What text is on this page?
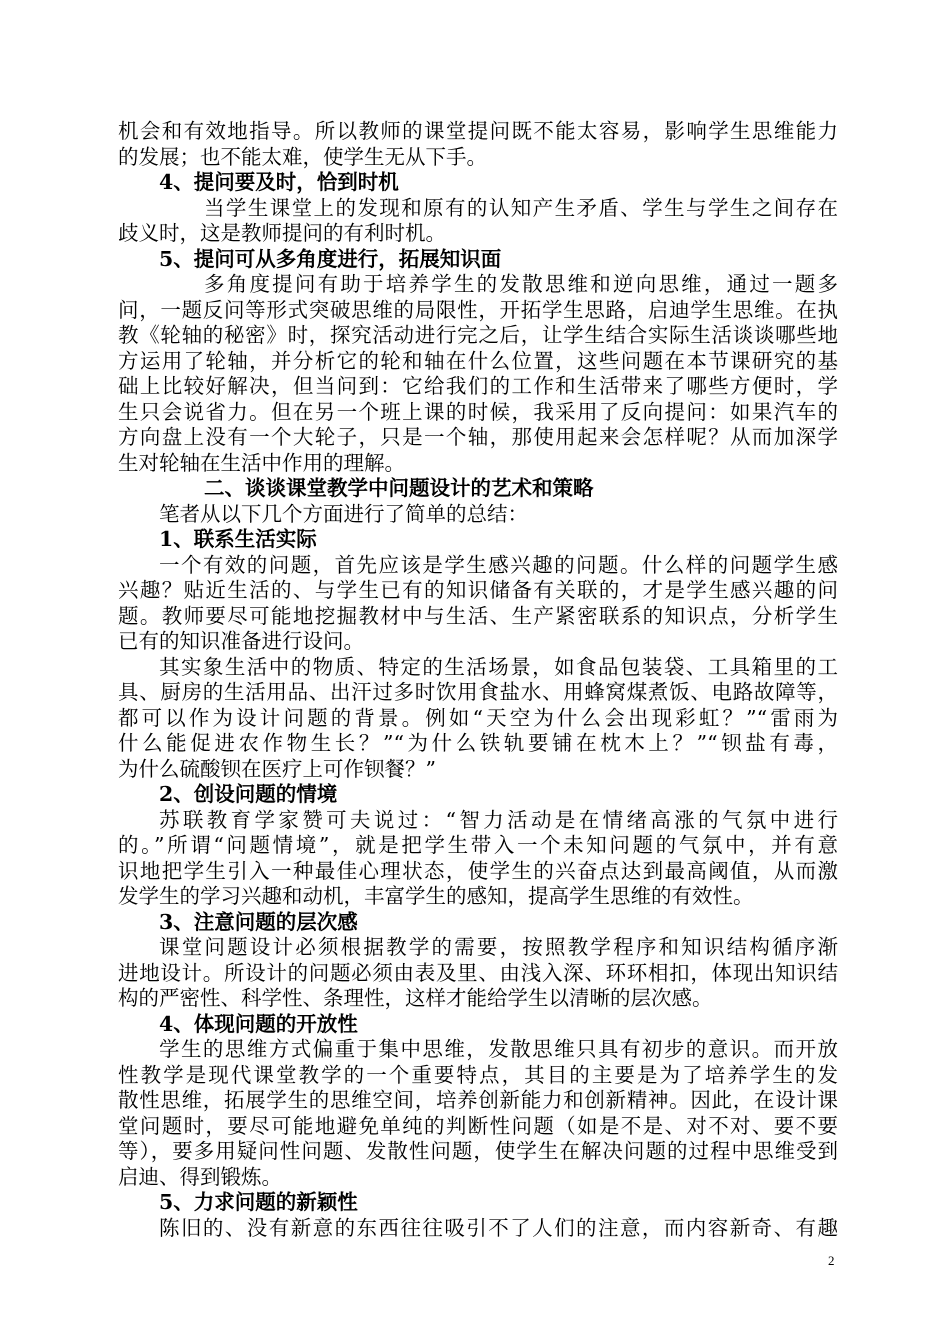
机会和有效地指导。所以教师的课堂提问既不能太容易，影响学生思维能力
的发展；也不能太难，使学生无从下手。
4、提问要及时，恰到时机
当学生课堂上的发现和原有的认知产生矛盾、学生与学生之间存在
歧义时，这是教师提问的有利时机。
5、提问可从多角度进行，拓展知识面
多角度提问有助于培养学生的发散思维和逆向思维，通过一题多
问，一题反问等形式突破思维的局限性，开拓学生思路，启迪学生思维。在执
教《轮轴的秘密》时，探究活动进行完之后，让学生结合实际生活谈谈哪些地
方运用了轮轴，并分析它的轮和轴在什么位置，这些问题在本节课研究的基
础上比较好解决，但当问到：它给我们的工作和生活带来了哪些方便时，学
生只会说省力。但在另一个班上课的时候，我采用了反向提问：如果汽车的
方向盘上没有一个大轮子，只是一个轴，那使用起来会怎样呢？从而加深学
生对轮轴在生活中作用的理解。
二、谈谈课堂教学中问题设计的艺术和策略
笔者从以下几个方面进行了简单的总结：
1、联系生活实际
一个有效的问题，首先应该是学生感兴趣的问题。什么样的问题学生感
兴趣？贴近生活的、与学生已有的知识储备有关联的，才是学生感兴趣的问
题。教师要尽可能地挖掘教材中与生活、生产紧密联系的知识点，分析学生
已有的知识准备进行设问。
其实象生活中的物质、特定的生活场景，如食品包装袋、工具箱里的工
具、厨房的生活用品、出汗过多时饮用食盐水、用蜂窝煤煮饭、电路故障等，
都可以作为设计问题的背景。例如“天空为什么会出现彩虹？”“雷雨为
什么能促进农作物生长？”“为什么铁轨要铺在枕木上？”“钡盐有毒，
为什么硫酸钡在医疗上可作钡餐？”
2、创设问题的情境
苏联教育学家赞可夫说过：“智力活动是在情绪高涨的气氛中进行
的。”所谓“问题情境”，就是把学生带入一个未知问题的气氛中，并有意
识地把学生引入一种最佳心理状态，使学生的兴奋点达到最高阈值，从而激
发学生的学习兴趣和动机，丰富学生的感知，提高学生思维的有效性。
3、注意问题的层次感
课堂问题设计必须根据教学的需要，按照教学程序和知识结构循序渐
进地设计。所设计的问题必须由表及里、由浅入深、环环相扣，体现出知识结
构的严密性、科学性、条理性，这样才能给学生以清晰的层次感。
4、体现问题的开放性
学生的思维方式偏重于集中思维，发散思维只具有初步的意识。而开放
性教学是现代课堂教学的一个重要特点，其目的主要是为了培养学生的发
散性思维，拓展学生的思维空间，培养创新能力和创新精神。因此，在设计课
堂问题时，要尽可能地避免单纯的判断性问题（如是不是、对不对、要不要
等），要多用疑问性问题、发散性问题，使学生在解决问题的过程中思维受到
启迪、得到锻炼。
5、力求问题的新颖性
陈旧的、没有新意的东西往往吸引不了人们的注意，而内容新奇、有趣
2
